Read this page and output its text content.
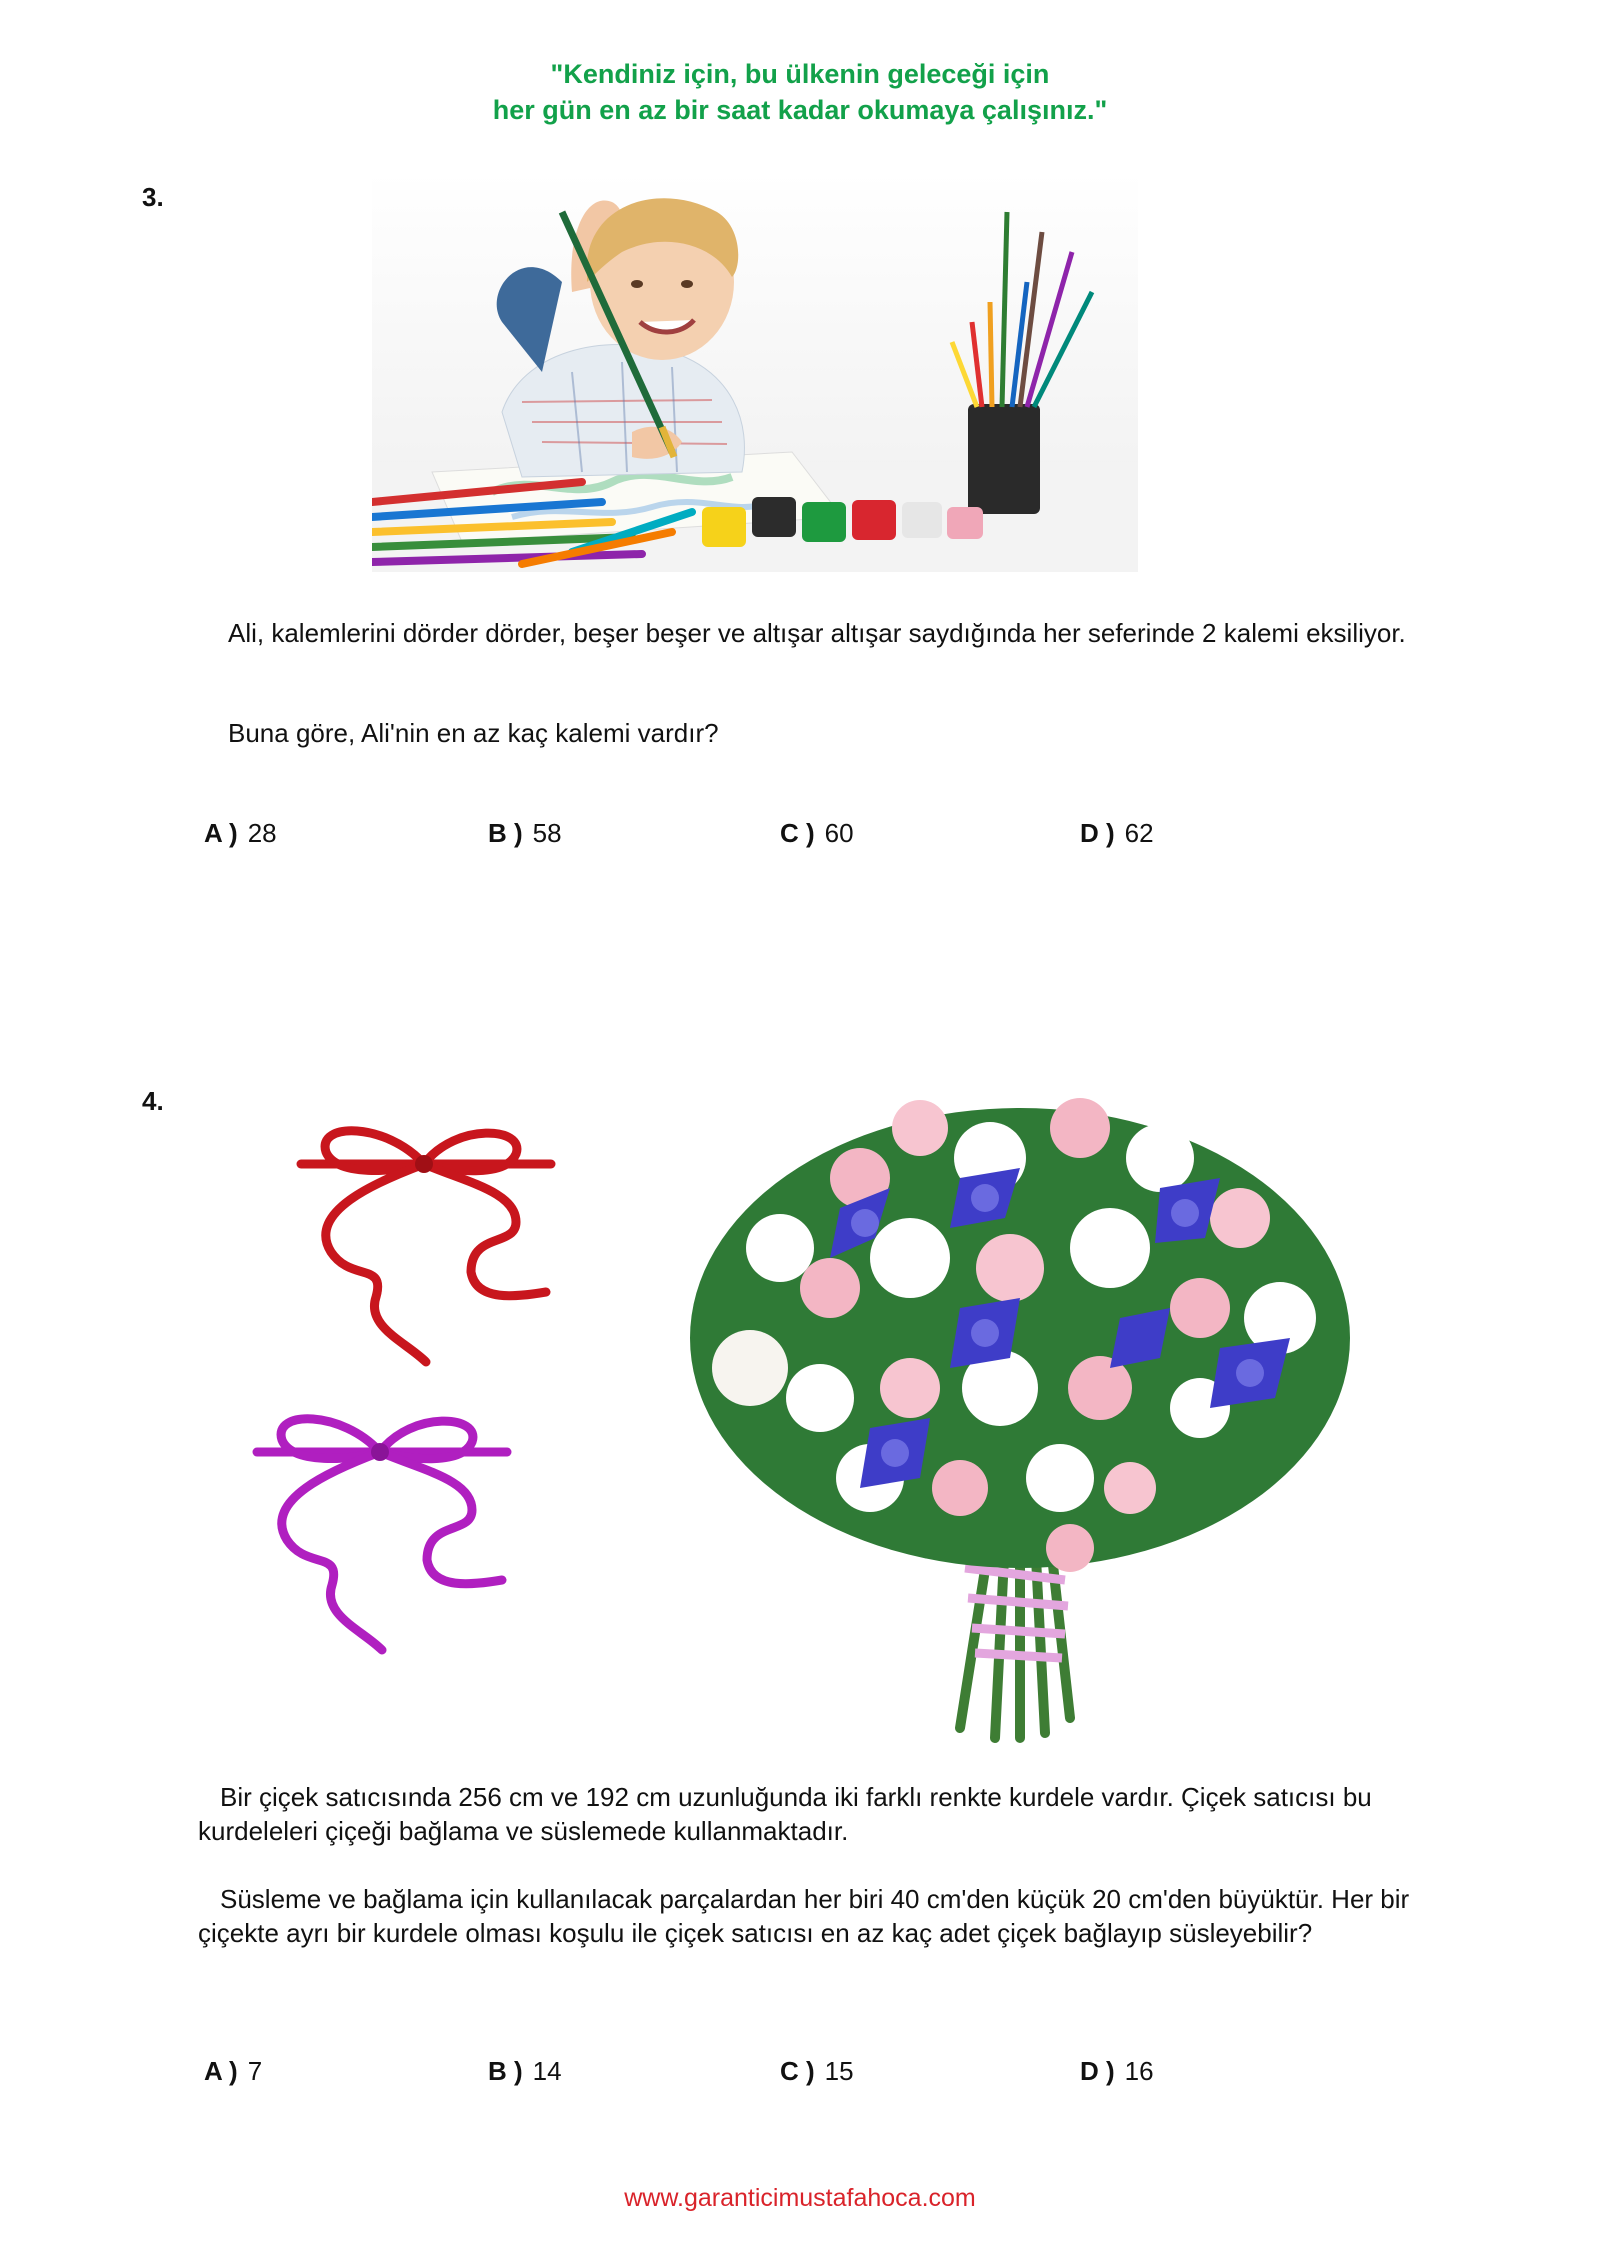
"Kendiniz için, bu ülkenin geleceği için
her gün en az bir saat kadar okumaya çalışınız."
3.
Ali, kalemlerini dörder dörder, beşer beşer ve altışar altışar saydığında her seferinde 2 kalemi eksiliyor.
Buna göre, Ali'nin en az kaç kalemi vardır?
A ) 28	B ) 58	C ) 60	D ) 62
4.
Bir çiçek satıcısında 256 cm ve 192 cm uzunluğunda iki farklı renkte kurdele vardır. Çiçek satıcısı bu kurdeleleri çiçeği bağlama ve süslemede kullanmaktadır.
Süsleme ve bağlama için kullanılacak parçalardan her biri 40 cm'den küçük 20 cm'den büyüktür. Her bir çiçekte ayrı bir kurdele olması koşulu ile çiçek satıcısı en az kaç adet çiçek bağlayıp süsleyebilir?
A ) 7	B ) 14	C ) 15	D ) 16
www.garanticimustafahoca.com
